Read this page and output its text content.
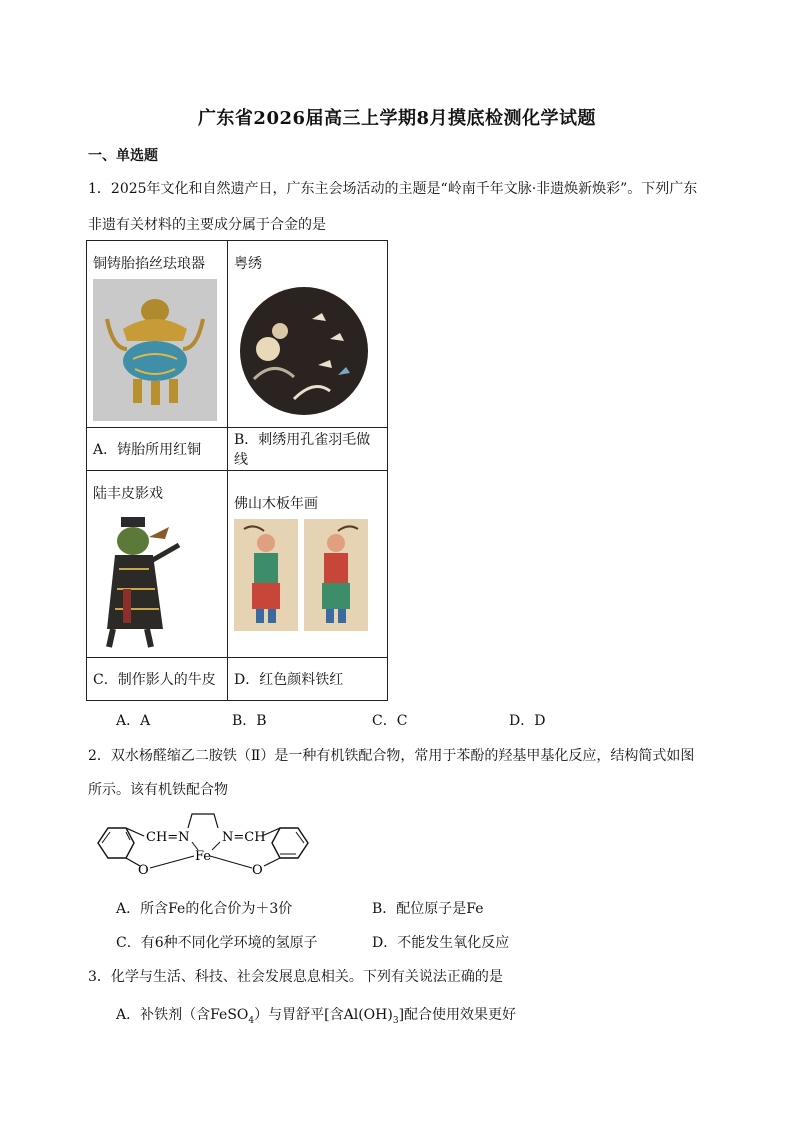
广东省2026届高三上学期8月摸底检测化学试题
一、单选题
1．2025年文化和自然遗产日，广东主会场活动的主题是“岭南千年文脉·非遗焕新焕彩”。下列广东
非遗有关材料的主要成分属于合金的是
铜铸胎掐丝珐琅器	粤绣

A．铸胎所用红铜	B．刺绣用孔雀羽毛做线

陆丰皮影戏	佛山木板年画

C．制作影人的牛皮	D．红色颜料铁红
A．A	B．B	C．C	D．D
2．双水杨醛缩乙二胺铁（Ⅱ）是一种有机铁配合物，常用于苯酚的羟基甲基化反应，结构简式如图
所示。该有机铁配合物
CH=N N=CH
Fe
O	O
A．所含Fe的化合价为＋3价	B．配位原子是Fe
C．有6种不同化学环境的氢原子	D．不能发生氧化反应
3．化学与生活、科技、社会发展息息相关。下列有关说法正确的是
A．补铁剂（含FeSO$_4$）与胃舒平[含$Al(OH)_3$]配合使用效果更好
